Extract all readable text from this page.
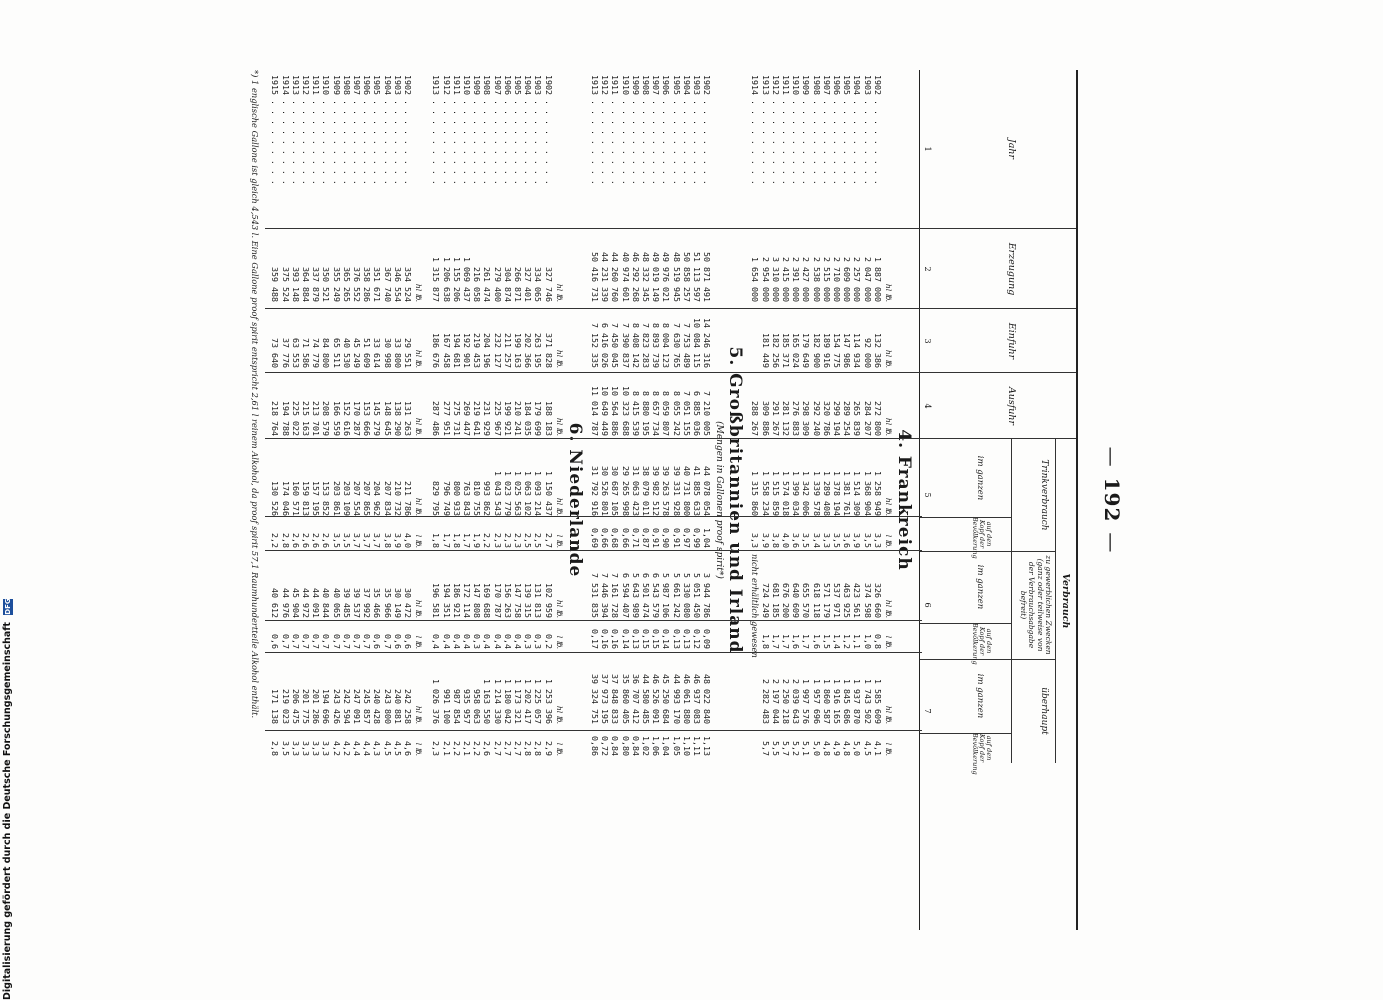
—192—
Jahr
1
Erzeugung
2
Einfuhr
3
Ausfuhr
4
Verbrauch
Trinkverbrauch
zu gewerblichen Zwecken (ganz oder teilweise von der Verbrauchsabgabe befreit)
überhaupt
im ganzen
auf den Kopf der Bevölkerung
im ganzen
auf den Kopf der Bevölkerung
im ganzen
auf den Kopf der Bevölkerung
5
6
7
4. Frankreich
hl ℔.
hl ℔.
hl ℔.
hl ℔.
l ℔.
hl ℔.
l ℔.
hl ℔.
l ℔.
1902 . . . . . . . . .
1 887 000
132 386
272 800
1 258 949
3,3
326 660
0,8
1 585 609
4,1
1903 . . . . . . . . .
2 047 000
92 000
284 207
1 368 904
3,5
374 598
1,0
1 743 502
4,5
1904 . . . . . . . . .
2 257 000
114 934
265 839
1 514 309
3,9
423 561
1,1
1 937 870
5,0
1905 . . . . . . . . .
2 609 000
147 986
289 254
1 381 761
3,6
463 925
1,2
1 845 686
4,8
1906 . . . . . . . . .
2 710 000
154 775
299 194
1 378 194
3,5
537 971
1,4
1 916 165
4,9
1907 . . . . . . . . .
2 515 000
189 916
320 786
1 289 408
3,3
571 179
1,5
1 860 587
4,8
1908 . . . . . . . . .
2 538 000
182 900
292 240
1 339 578
3,4
618 118
1,6
1 957 696
5,0
1909 . . . . . . . . .
2 427 000
179 649
298 309
1 342 006
3,5
655 570
1,7
1 997 576
5,1
1910 . . . . . . . . .
2 391 000
165 024
276 883
1 399 034
3,6
640 609
1,6
2 039 643
5,2
1911 . . . . . . . . .
2 415 000
185 371
281 132
1 574 018
4,0
676 200
1,7
2 250 218
5,7
1912 . . . . . . . . .
3 310 000
182 256
291 267
1 515 859
3,8
681 185
1,7
2 197 044
5,5
1913 . . . . . . . . .
2 954 000
181 449
309 886
1 558 234
3,9
724 249
1,8
2 282 483
5,7
1914 . . . . . . . . .
1 654 000
288 267
1 315 860
3,3
nicht erhältlich gewesen
5. Großbritannien und Irland
(Mengen in Gallonen proof spirit*)
1902 . . . . . . . . .
50 871 491
14 246 316
7 210 005
44 078 054
1,04
3 944 786
0,09
48 022 840
1,13
1903 . . . . . . . . .
51 113 597
10 084 115
6 885 036
41 885 633
0,99
5 051 450
0,12
46 937 083
1,11
1904 . . . . . . . . .
50 858 257
7 753 489
7 051 155
40 731 800
0,97
5 330 080
0,13
46 061 880
1,10
1905 . . . . . . . . .
48 519 945
7 630 765
8 055 242
39 331 928
0,91
5 661 242
0,13
44 993 170
1,05
1906 . . . . . . . . .
49 976 021
8 004 123
8 059 807
39 263 578
0,90
5 987 106
0,14
45 250 684
1,04
1907 . . . . . . . . .
49 019 149
8 893 739
8 657 734
39 982 512
0,91
6 543 579
0,15
46 526 091
1,06
1908 . . . . . . . . .
48 332 345
7 823 283
8 880 195
38 079 011
0,87
6 501 474
0,15
44 580 485
1,02
1909 . . . . . . . . .
46 292 268
8 408 142
8 415 539
31 063 423
0,71
5 643 989
0,13
36 707 412
0,84
1910 . . . . . . . . .
40 974 601
7 390 837
10 323 688
29 265 998
0,66
6 594 407
0,14
35 860 405
0,80
1911 . . . . . . . . .
44 260 760
7 450 045
10 564 886
30 687 105
0,68
7 161 728
0,16
37 848 833
0,84
1912 . . . . . . . . .
44 231 339
6 416 026
10 649 449
30 526 801
0,66
7 446 394
0,16
37 973 195
0,72
1913 . . . . . . . . .
50 416 731
7 152 335
11 014 787
31 792 916
0,69
7 531 835
0,17
39 324 751
0,86
6. Niederlande
hl ℔.
hl ℔.
hl ℔.
hl ℔.
l ℔.
hl ℔.
l ℔.
hl ℔.
l ℔.
1902 . . . . . . . . .
327 746
371 828
188 183
1 150 437
2,7
102 959
0,2
1 253 396
2,9
1903 . . . . . . . . .
334 065
263 195
179 699
1 093 214
2,5
131 813
0,3
1 225 057
2,8
1904 . . . . . . . . .
327 401
202 366
184 035
1 063 102
2,5
139 315
0,3
1 202 417
2,8
1905 . . . . . . . . .
266 871
199 163
210 241
1 025 563
2,3
147 758
0,4
1 173 321
2,7
1906 . . . . . . . . .
304 874
211 257
199 921
1 023 779
2,3
156 263
0,4
1 180 042
2,7
1907 . . . . . . . . .
279 400
232 127
225 967
1 043 543
2,3
170 787
0,4
1 214 330
2,7
1908 . . . . . . . . .
261 474
204 196
231 929
993 862
2,2
169 688
0,4
1 163 550
2,6
1909 . . . . . . . . .
216 058
219 453
219 641
810 755
1,9
147 808
0,3
958 063
2,2
1910 . . . . . . . . .
1 069 437
192 901
269 447
763 843
1,7
172 114
0,4
935 957
2,1
1911 . . . . . . . . .
1 155 206
194 681
275 731
800 933
1,8
186 921
0,4
987 854
2,2
1912 . . . . . . . . .
1 206 638
167 458
277 951
796 749
1,7
194 351
0,4
991 100
2,1
1913 . . . . . . . . .
1 315 877
186 676
287 486
829 795
1,8
196 581
0,4
1 026 376
2,3
hl ℔.
hl ℔.
hl ℔.
hl ℔.
l ℔.
hl ℔.
l ℔.
hl ℔.
l ℔.
1902 . . . . . . . . .
354 524
29 551
131 263
211 786
4,0
30 472
0,6
242 258
4,6
1903 . . . . . . . . .
346 554
33 800
138 290
210 732
3,9
30 149
0,6
240 881
4,5
1904 . . . . . . . . .
367 740
30 998
148 645
207 834
3,8
35 966
0,7
243 800
4,5
1905 . . . . . . . . .
351 671
33 614
145 279
204 962
3,7
35 466
0,6
240 428
4,3
1906 . . . . . . . . .
358 286
51 609
153 666
207 865
3,7
37 992
0,7
245 857
4,4
1907 . . . . . . . . .
376 552
45 249
170 287
207 554
3,7
39 537
0,7
247 091
4,4
1908 . . . . . . . . .
365 265
40 530
152 616
203 109
3,5
39 485
0,7
242 594
4,2
1909 . . . . . . . . .
355 249
65 511
166 559
203 861
3,5
40 065
0,7
243 426
4,2
1910 . . . . . . . . .
350 521
84 800
208 579
153 852
2,6
40 844
0,7
194 696
3,3
1911 . . . . . . . . .
337 879
74 779
213 701
157 195
2,6
44 091
0,7
201 286
3,3
1912 . . . . . . . . .
364 884
71 586
215 163
159 813
2,6
44 972
0,7
201 775
3,3
1913 . . . . . . . . .
393 148
63 553
225 022
160 571
2,6
45 904
0,7
206 475
3,3
1914 . . . . . . . . .
375 524
37 776
194 788
174 046
2,8
44 976
0,7
219 023
3,5
1915 . . . . . . . . .
359 488
73 640
218 764
130 526
2,2
40 612
0,6
171 138
2,8
*) 1 englische Gallone ist gleich 4,543 l. Eine Gallone proof spirit entspricht 2,61 l reinem Alkohol, da proof spirit 57,1 Raumhundertteile Alkohol enthält.
Digitalisierung gefördert durch die Deutsche Forschungsgemeinschaft DFG
